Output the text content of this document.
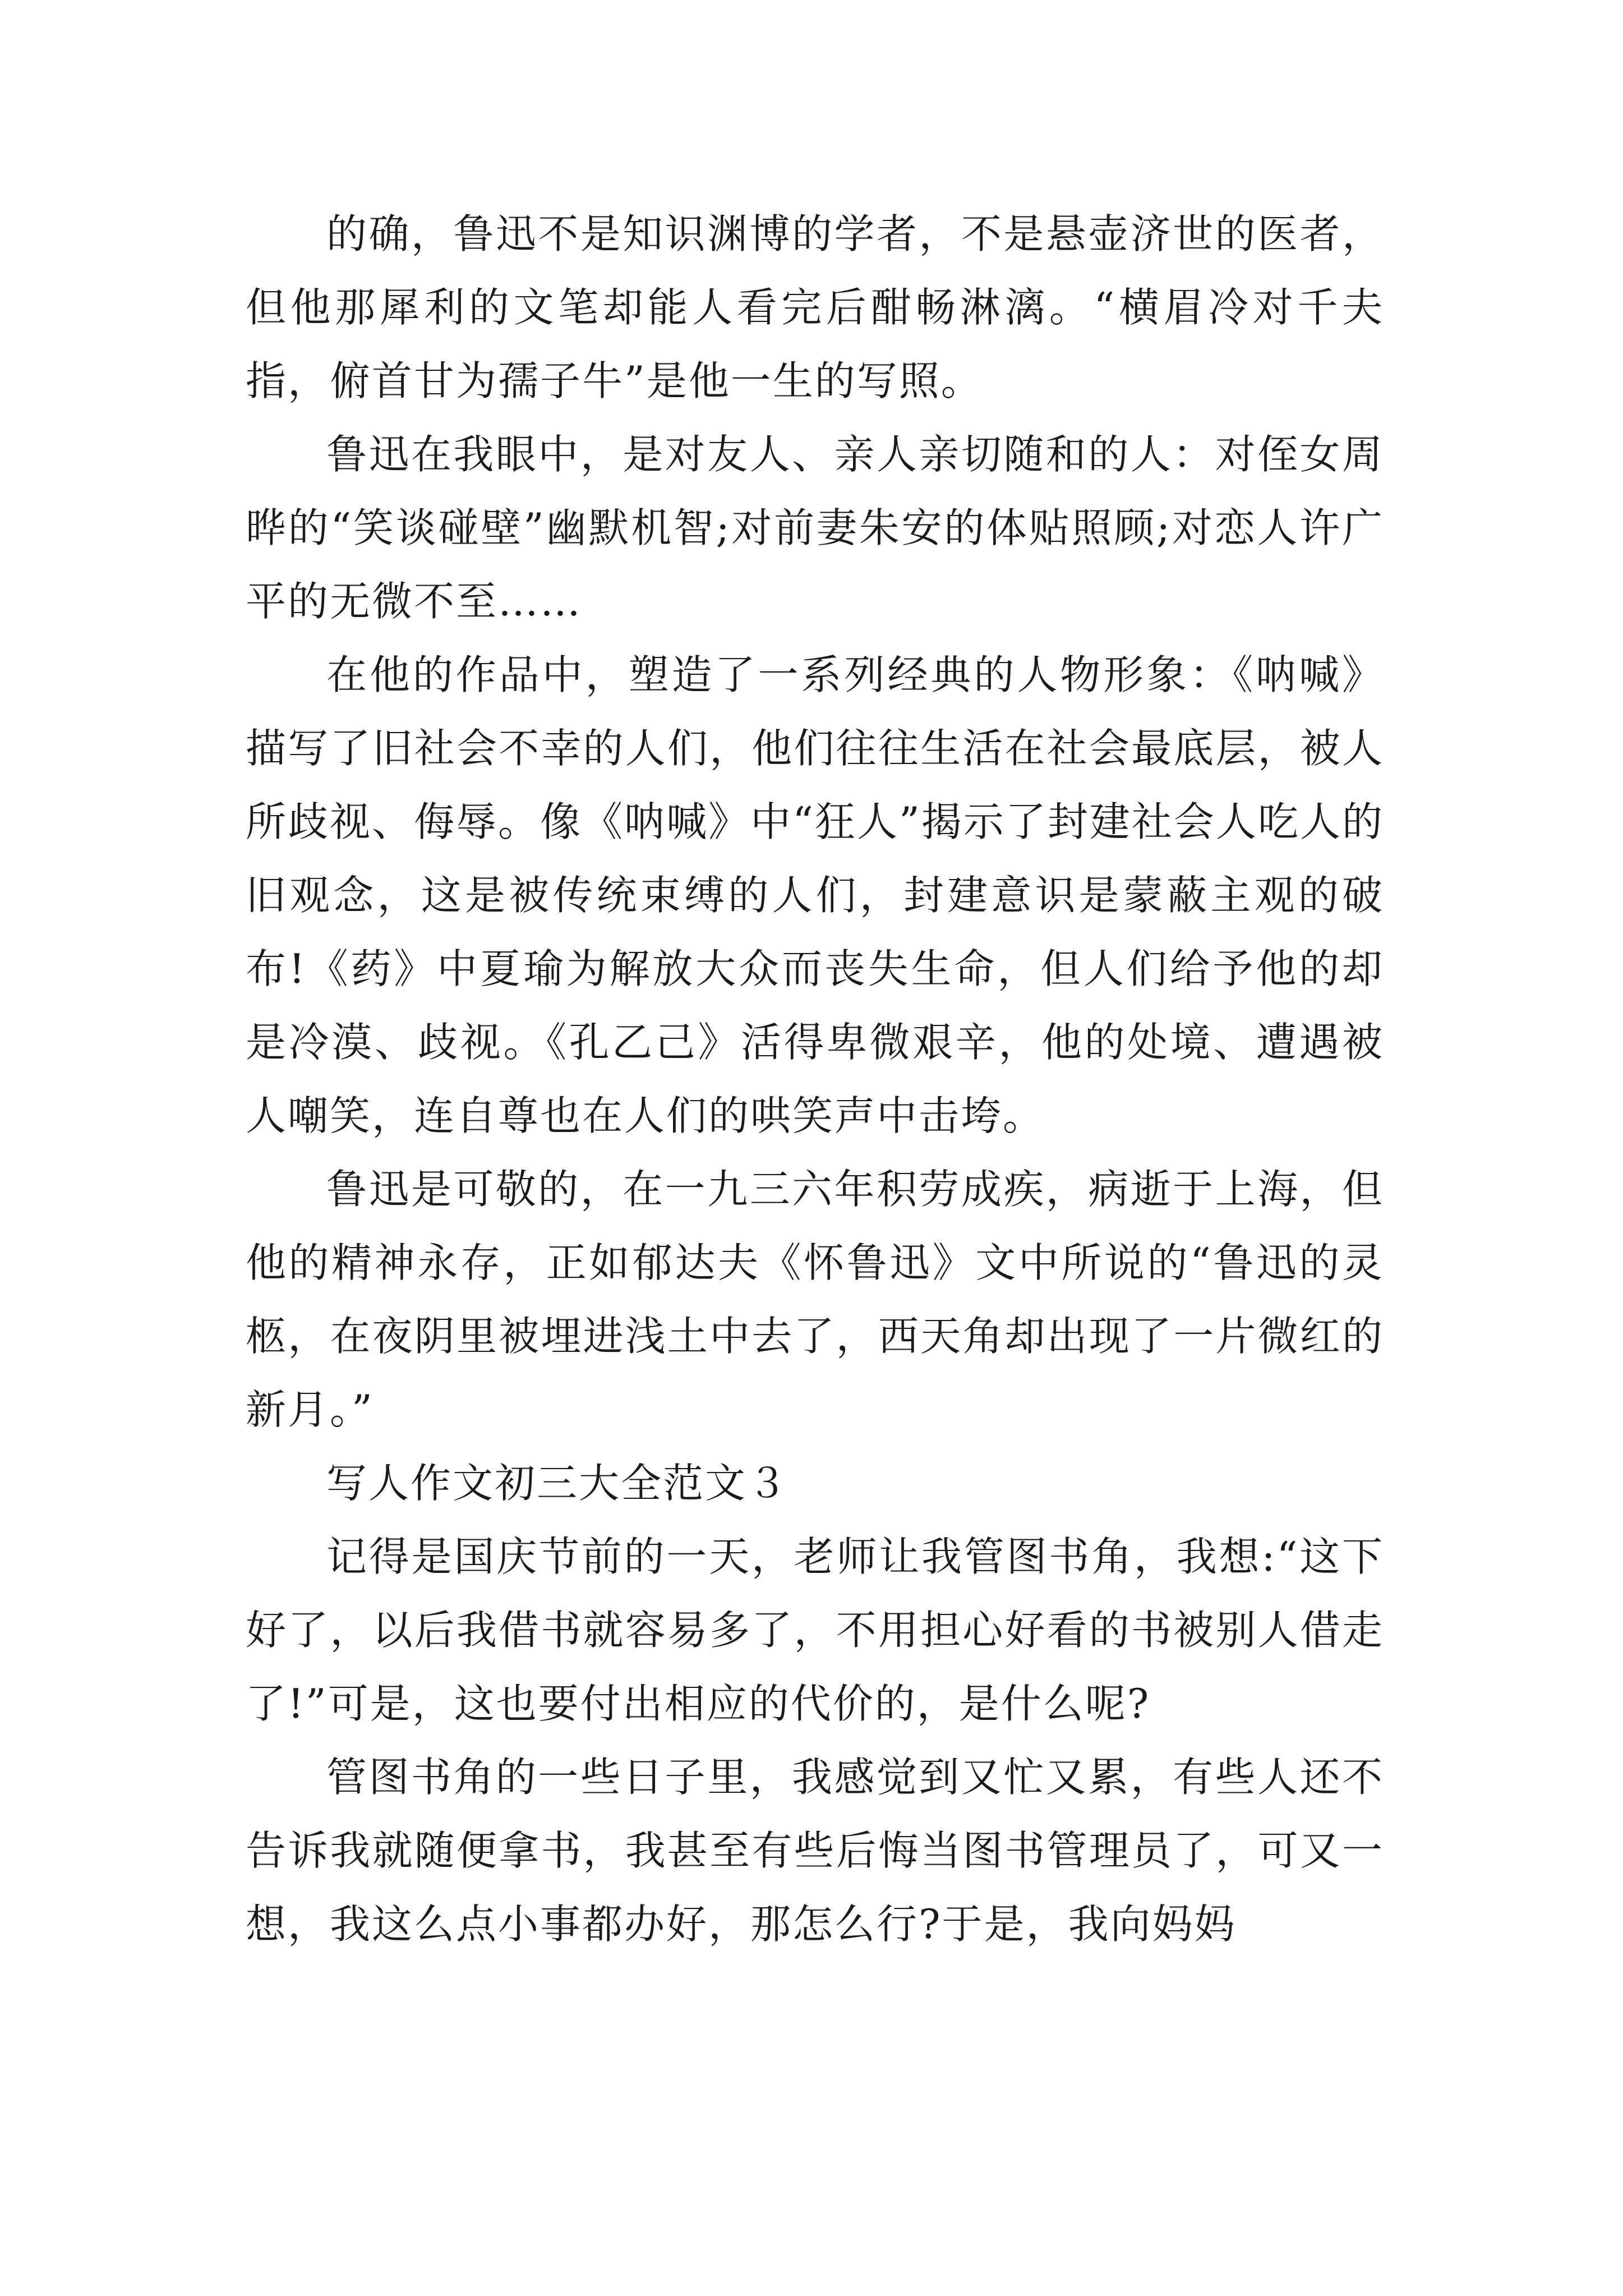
的确，鲁迅不是知识渊博的学者，不是悬壶济世的医者，但他那犀利的文笔却能人看完后酣畅淋漓。“横眉冷对千夫指，俯首甘为孺子牛”是他一生的写照。

鲁迅在我眼中，是对友人、亲人亲切随和的人：对侄女周晔的“笑谈碰壁”幽默机智;对前妻朱安的体贴照顾;对恋人许广平的无微不至……

在他的作品中，塑造了一系列经典的人物形象：《呐喊》描写了旧社会不幸的人们，他们往往生活在社会最底层，被人所歧视、侮辱。像《呐喊》中“狂人”揭示了封建社会人吃人的旧观念，这是被传统束缚的人们，封建意识是蒙蔽主观的破布!《药》中夏瑜为解放大众而丧失生命，但人们给予他的却是冷漠、歧视。《孔乙己》活得卑微艰辛，他的处境、遭遇被人嘲笑，连自尊也在人们的哄笑声中击垮。

鲁迅是可敬的，在一九三六年积劳成疾，病逝于上海，但他的精神永存，正如郁达夫《怀鲁迅》文中所说的“鲁迅的灵柩，在夜阴里被埋进浅土中去了，西天角却出现了一片微红的新月。”

写人作文初三大全范文３

记得是国庆节前的一天，老师让我管图书角，我想:“这下好了，以后我借书就容易多了，不用担心好看的书被别人借走了!”可是，这也要付出相应的代价的，是什么呢?

管图书角的一些日子里，我感觉到又忙又累，有些人还不告诉我就随便拿书，我甚至有些后悔当图书管理员了，可又一想，我这么点小事都办好，那怎么行?于是，我向妈妈
